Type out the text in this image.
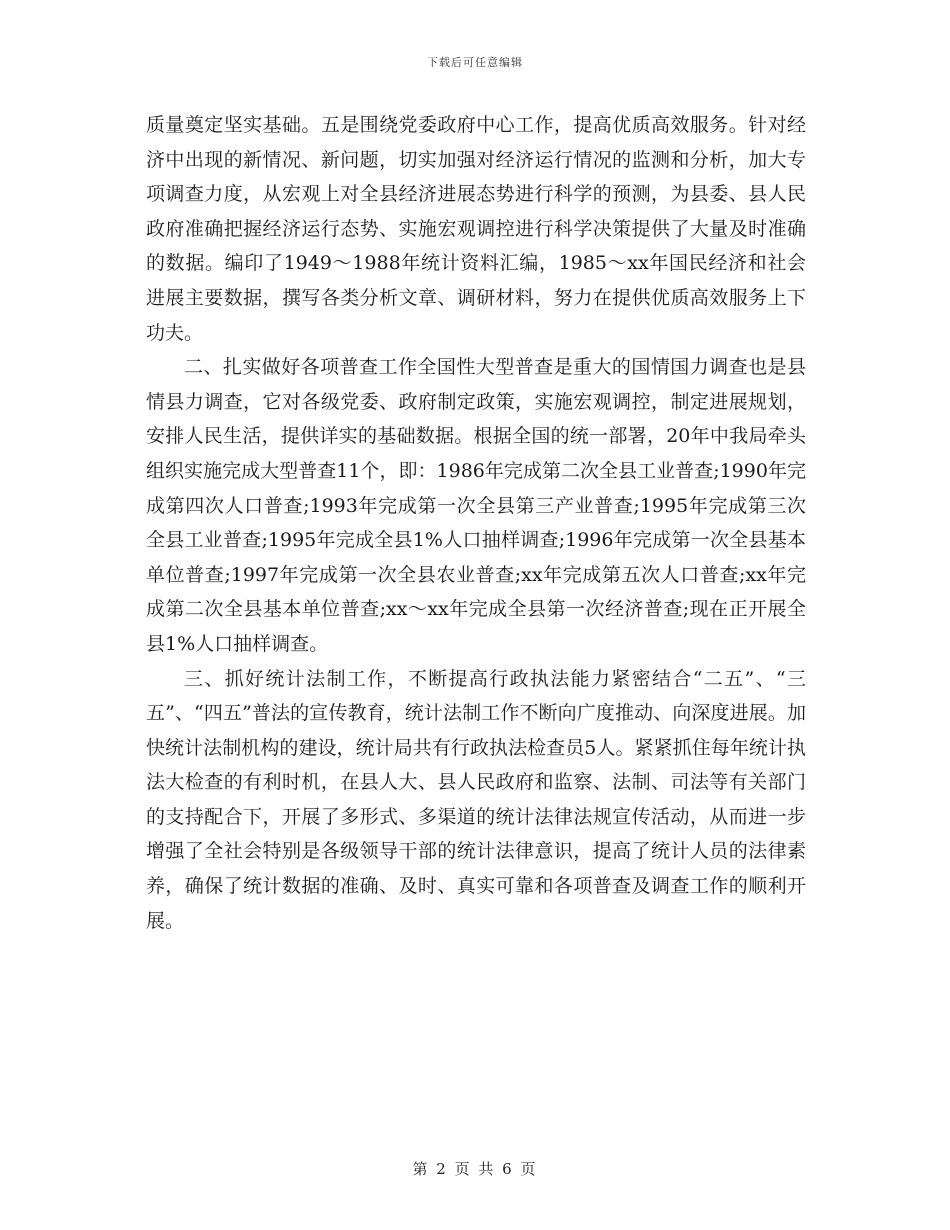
下载后可任意编辑

质量奠定坚实基础。五是围绕党委政府中心工作，提高优质高效服务。针对经济中出现的新情况、新问题，切实加强对经济运行情况的监测和分析，加大专项调查力度，从宏观上对全县经济进展态势进行科学的预测，为县委、县人民政府准确把握经济运行态势、实施宏观调控进行科学决策提供了大量及时准确的数据。编印了1949～1988年统计资料汇编，1985～xx年国民经济和社会进展主要数据，撰写各类分析文章、调研材料，努力在提供优质高效服务上下功夫。

二、扎实做好各项普查工作全国性大型普查是重大的国情国力调查也是县情县力调查，它对各级党委、政府制定政策，实施宏观调控，制定进展规划，安排人民生活，提供详实的基础数据。根据全国的统一部署，20年中我局牵头组织实施完成大型普查11个，即：1986年完成第二次全县工业普查;1990年完成第四次人口普查;1993年完成第一次全县第三产业普查;1995年完成第三次全县工业普查;1995年完成全县1%人口抽样调查;1996年完成第一次全县基本单位普查;1997年完成第一次全县农业普查;xx年完成第五次人口普查;xx年完成第二次全县基本单位普查;xx～xx年完成全县第一次经济普查;现在正开展全县1%人口抽样调查。

三、抓好统计法制工作，不断提高行政执法能力紧密结合“二五”、“三五”、“四五”普法的宣传教育，统计法制工作不断向广度推动、向深度进展。加快统计法制机构的建设，统计局共有行政执法检查员5人。紧紧抓住每年统计执法大检查的有利时机，在县人大、县人民政府和监察、法制、司法等有关部门的支持配合下，开展了多形式、多渠道的统计法律法规宣传活动，从而进一步增强了全社会特别是各级领导干部的统计法律意识，提高了统计人员的法律素养，确保了统计数据的准确、及时、真实可靠和各项普查及调查工作的顺利开展。

第 2 页 共 6 页
